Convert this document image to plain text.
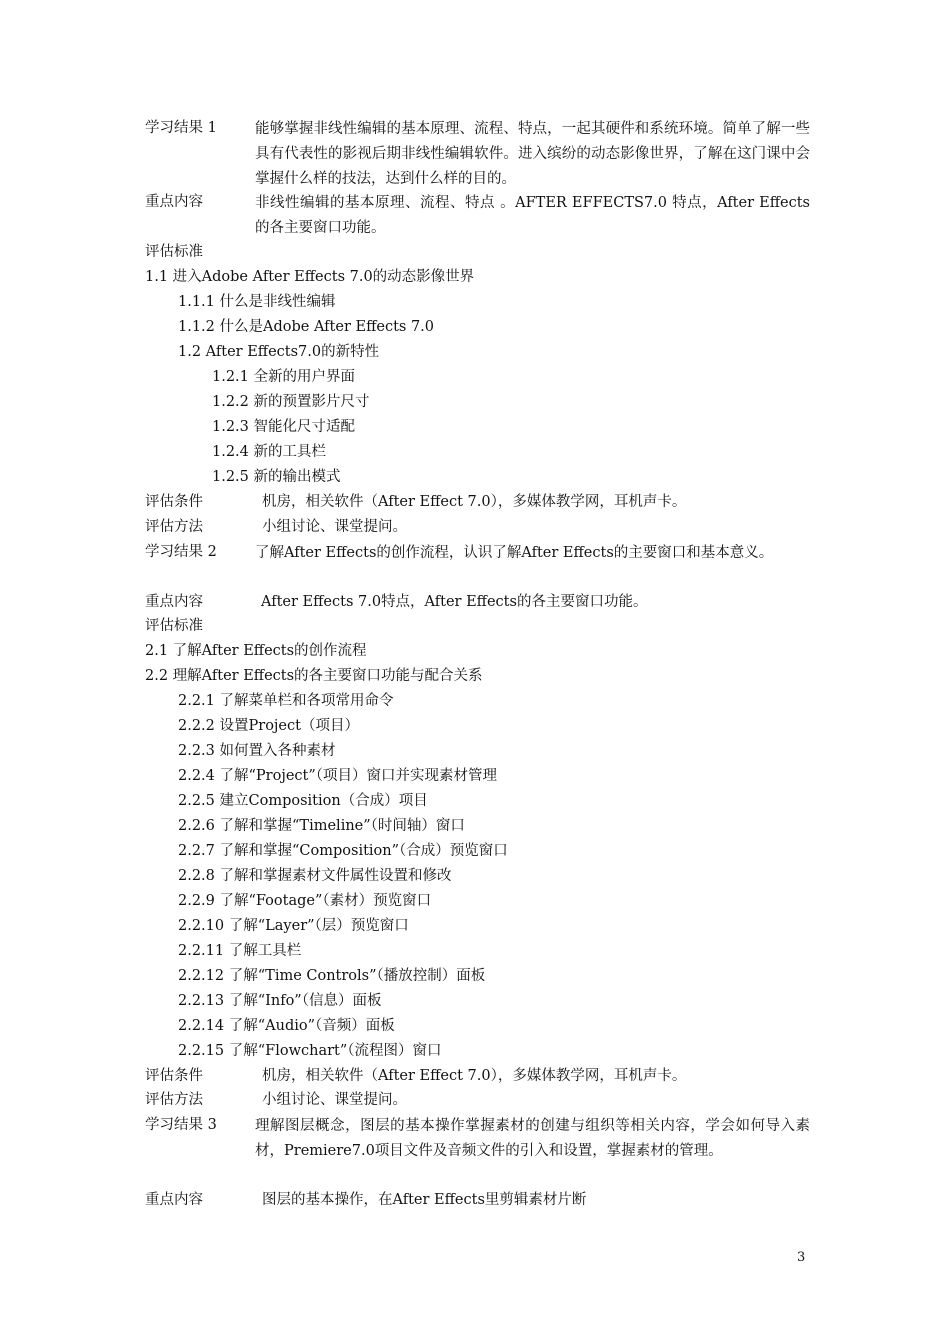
学习结果 1	能够掌握非线性编辑的基本原理、流程、特点，一起其硬件和系统环境。简单了解一些具有代表性的影视后期非线性编辑软件。进入缤纷的动态影像世界，了解在这门课中会掌握什么样的技法，达到什么样的目的。
重点内容	非线性编辑的基本原理、流程、特点 。AFTER EFFECTS7.0 特点，After Effects的各主要窗口功能。
评估标准
1.1 进入Adobe After Effects 7.0的动态影像世界
1.1.1 什么是非线性编辑
1.1.2 什么是Adobe After Effects 7.0
1.2 After Effects7.0的新特性
1.2.1 全新的用户界面
1.2.2 新的预置影片尺寸
1.2.3 智能化尺寸适配
1.2.4 新的工具栏
1.2.5 新的输出模式
评估条件	机房，相关软件（After Effect 7.0），多媒体教学网，耳机声卡。
评估方法	小组讨论、课堂提问。
学习结果 2	了解After Effects的创作流程，认识了解After Effects的主要窗口和基本意义。
重点内容	After Effects 7.0特点，After Effects的各主要窗口功能。
评估标准
2.1 了解After Effects的创作流程
2.2 理解After Effects的各主要窗口功能与配合关系
2.2.1 了解菜单栏和各项常用命令
2.2.2 设置Project（项目）
2.2.3 如何置入各种素材
2.2.4 了解“Project”（项目）窗口并实现素材管理
2.2.5 建立Composition（合成）项目
2.2.6 了解和掌握“Timeline”（时间轴）窗口
2.2.7 了解和掌握“Composition”（合成）预览窗口
2.2.8 了解和掌握素材文件属性设置和修改
2.2.9 了解“Footage”（素材）预览窗口
2.2.10 了解“Layer”（层）预览窗口
2.2.11 了解工具栏
2.2.12 了解“Time Controls”（播放控制）面板
2.2.13 了解“Info”（信息）面板
2.2.14 了解“Audio”（音频）面板
2.2.15 了解“Flowchart”（流程图）窗口
评估条件	机房，相关软件（After Effect 7.0），多媒体教学网，耳机声卡。
评估方法	小组讨论、课堂提问。
学习结果 3	理解图层概念，图层的基本操作掌握素材的创建与组织等相关内容，学会如何导入素材，Premiere7.0项目文件及音频文件的引入和设置，掌握素材的管理。
重点内容	图层的基本操作，在After Effects里剪辑素材片断
3
